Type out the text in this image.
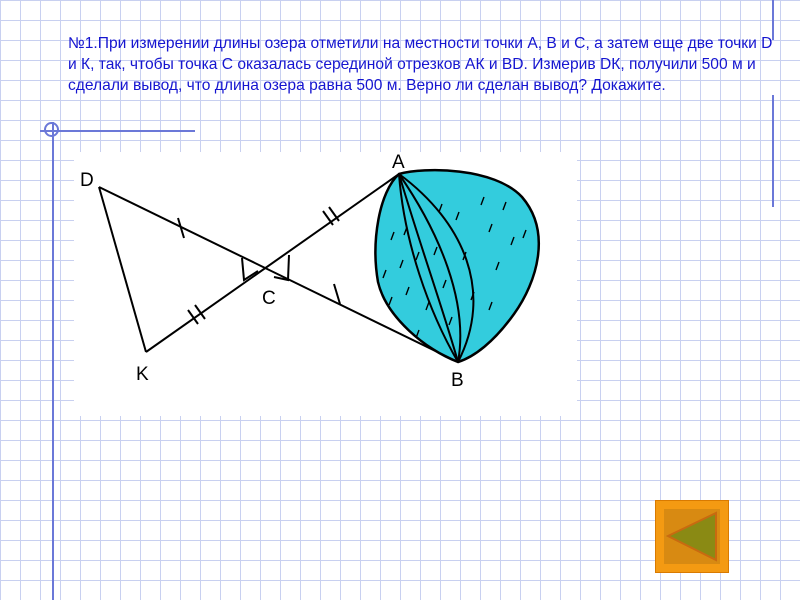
№1.При измерении длины озера отметили на местности точки А, В и С, а затем еще две точки D и К, так, чтобы точка С оказалась серединой отрезков АК и ВD. Измерив DК, получили 500 м и сделали вывод, что длина озера равна 500 м. Верно ли сделан вывод? Докажите.

D
K
C
A
B
